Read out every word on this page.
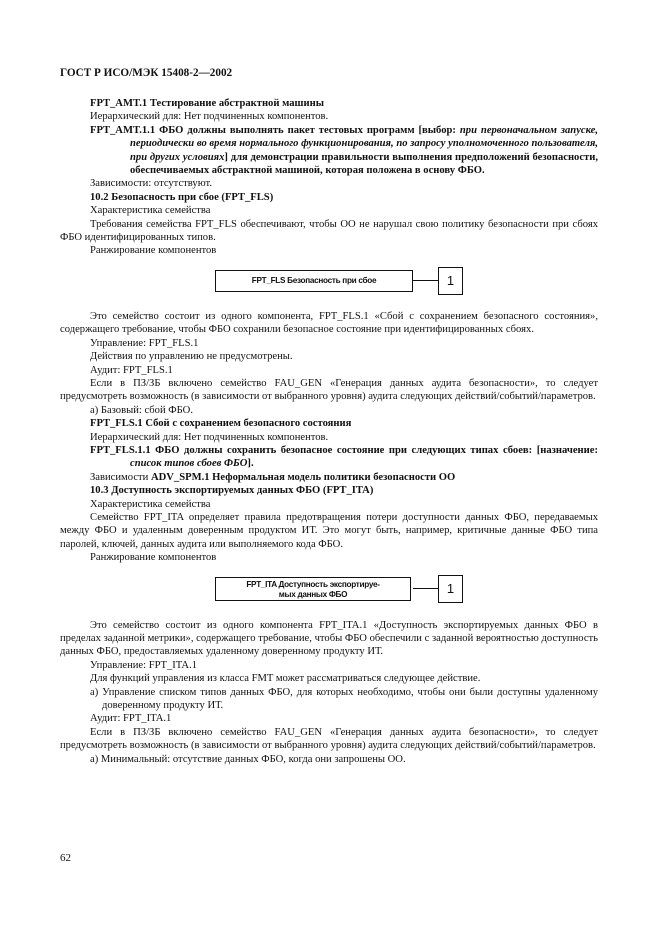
ГОСТ Р ИСО/МЭК 15408-2—2002

FPT_AMT.1 Тестирование абстрактной машины

Иерархический для: Нет подчиненных компонентов.

FPT_AMT.1.1 ФБО должны выполнять пакет тестовых программ [выбор: при первоначальном запуске, периодически во время нормального функционирования, по запросу уполномоченного пользователя, при других условиях] для демонстрации правильности выполнения предположений безопасности, обеспечиваемых абстрактной машиной, которая положена в основу ФБО.

Зависимости: отсутствуют.

10.2 Безопасность при сбое (FPT_FLS)

Характеристика семейства

Требования семейства FPT_FLS обеспечивают, чтобы ОО не нарушал свою политику безопасности при сбоях ФБО идентифицированных типов.

Ранжирование компонентов

FPT_FLS Безопасность при сбое	1

Это семейство состоит из одного компонента, FPT_FLS.1 «Сбой с сохранением безопасного состояния», содержащего требование, чтобы ФБО сохранили безопасное состояние при идентифицированных сбоях.

Управление: FPT_FLS.1

Действия по управлению не предусмотрены.

Аудит: FPT_FLS.1

Если в ПЗ/ЗБ включено семейство FAU_GEN «Генерация данных аудита безопасности», то следует предусмотреть возможность (в зависимости от выбранного уровня) аудита следующих действий/событий/параметров.

а) Базовый: сбой ФБО.

FPT_FLS.1 Сбой с сохранением безопасного состояния

Иерархический для: Нет подчиненных компонентов.

FPT_FLS.1.1 ФБО должны сохранить безопасное состояние при следующих типах сбоев: [назначение: список типов сбоев ФБО].

Зависимости ADV_SPM.1 Неформальная модель политики безопасности ОО

10.3 Доступность экспортируемых данных ФБО (FPT_ITA)

Характеристика семейства

Семейство FPT_ITA определяет правила предотвращения потери доступности данных ФБО, передаваемых между ФБО и удаленным доверенным продуктом ИТ. Это могут быть, например, критичные данные ФБО типа паролей, ключей, данных аудита или выполняемого кода ФБО.

Ранжирование компонентов

FPT_ITA Доступность экспортируе-
мых данных ФБО	1

Это семейство состоит из одного компонента FPT_ITA.1 «Доступность экспортируемых данных ФБО в пределах заданной метрики», содержащего требование, чтобы ФБО обеспечили с заданной вероятностью доступность данных ФБО, предоставляемых удаленному доверенному продукту ИТ.

Управление: FPT_ITA.1

Для функций управления из класса FMT может рассматриваться следующее действие.

а) Управление списком типов данных ФБО, для которых необходимо, чтобы они были доступны удаленному доверенному продукту ИТ.

Аудит: FPT_ITA.1

Если в ПЗ/ЗБ включено семейство FAU_GEN «Генерация данных аудита безопасности», то следует предусмотреть возможность (в зависимости от выбранного уровня) аудита следующих действий/событий/параметров.

а) Минимальный: отсутствие данных ФБО, когда они запрошены ОО.

62
